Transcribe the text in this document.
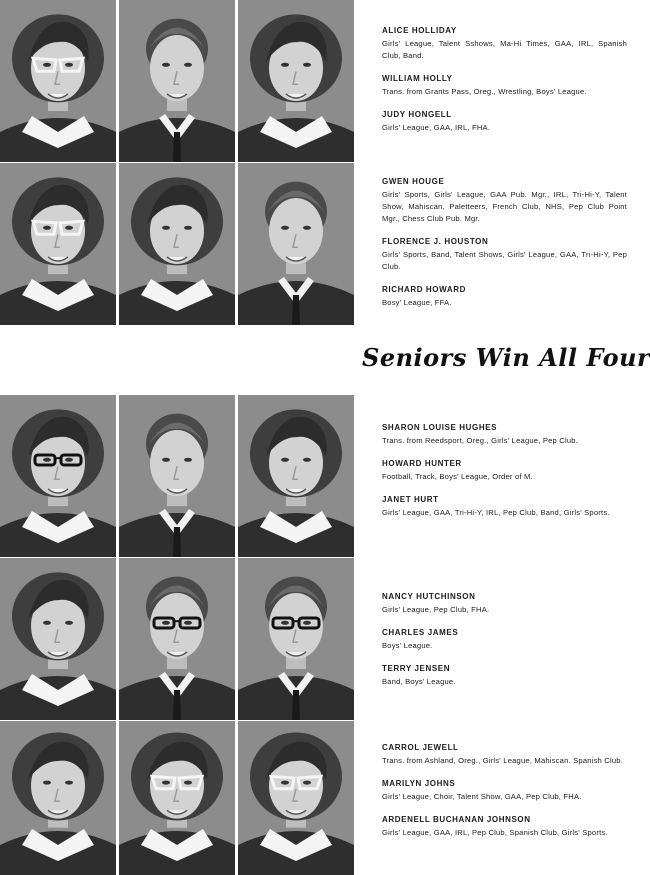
Seniors Win All Four

ALICE HOLLIDAY

Girls' League, Talent Sshows, Ma-Hi Times, GAA, IRL, Spanish Club, Band.

WILLIAM HOLLY

Trans. from Grants Pass, Oreg., Wrestling, Boys' League.

JUDY HONGELL

Girls' League, GAA, IRL, FHA.

GWEN HOUGE

Girls' Sports, Girls' League, GAA Pub. Mgr., IRL, Tri-Hi-Y, Talent Show, Mahiscan, Paletteers, French Club, NHS, Pep Club Point Mgr., Chess Club Pub. Mgr.

FLORENCE J. HOUSTON

Girls' Sports, Band, Talent Shows, Girls' League, GAA, Tri-Hi-Y, Pep Club.

RICHARD HOWARD

Bosy' League, FFA.

SHARON LOUISE HUGHES

Trans. from Reedsport, Oreg., Girls' League, Pep Club.

HOWARD HUNTER

Football, Track, Boys' League, Order of M.

JANET HURT

Girls' League, GAA, Tri-Hi-Y, IRL, Pep Club, Band, Girls' Sports.

NANCY HUTCHINSON

Girls' League, Pep Club, FHA.

CHARLES JAMES

Boys' League.

TERRY JENSEN

Band, Boys' League.

CARROL JEWELL

Trans. from Ashland, Oreg., Girls' League, Mahiscan. Spanish Club.

MARILYN JOHNS

Girls' League, Choir, Talent Show, GAA, Pep Club, FHA.

ARDENELL BUCHANAN JOHNSON

Girls' League, GAA, IRL, Pep Club, Spanish Club, Girls' Sports.
